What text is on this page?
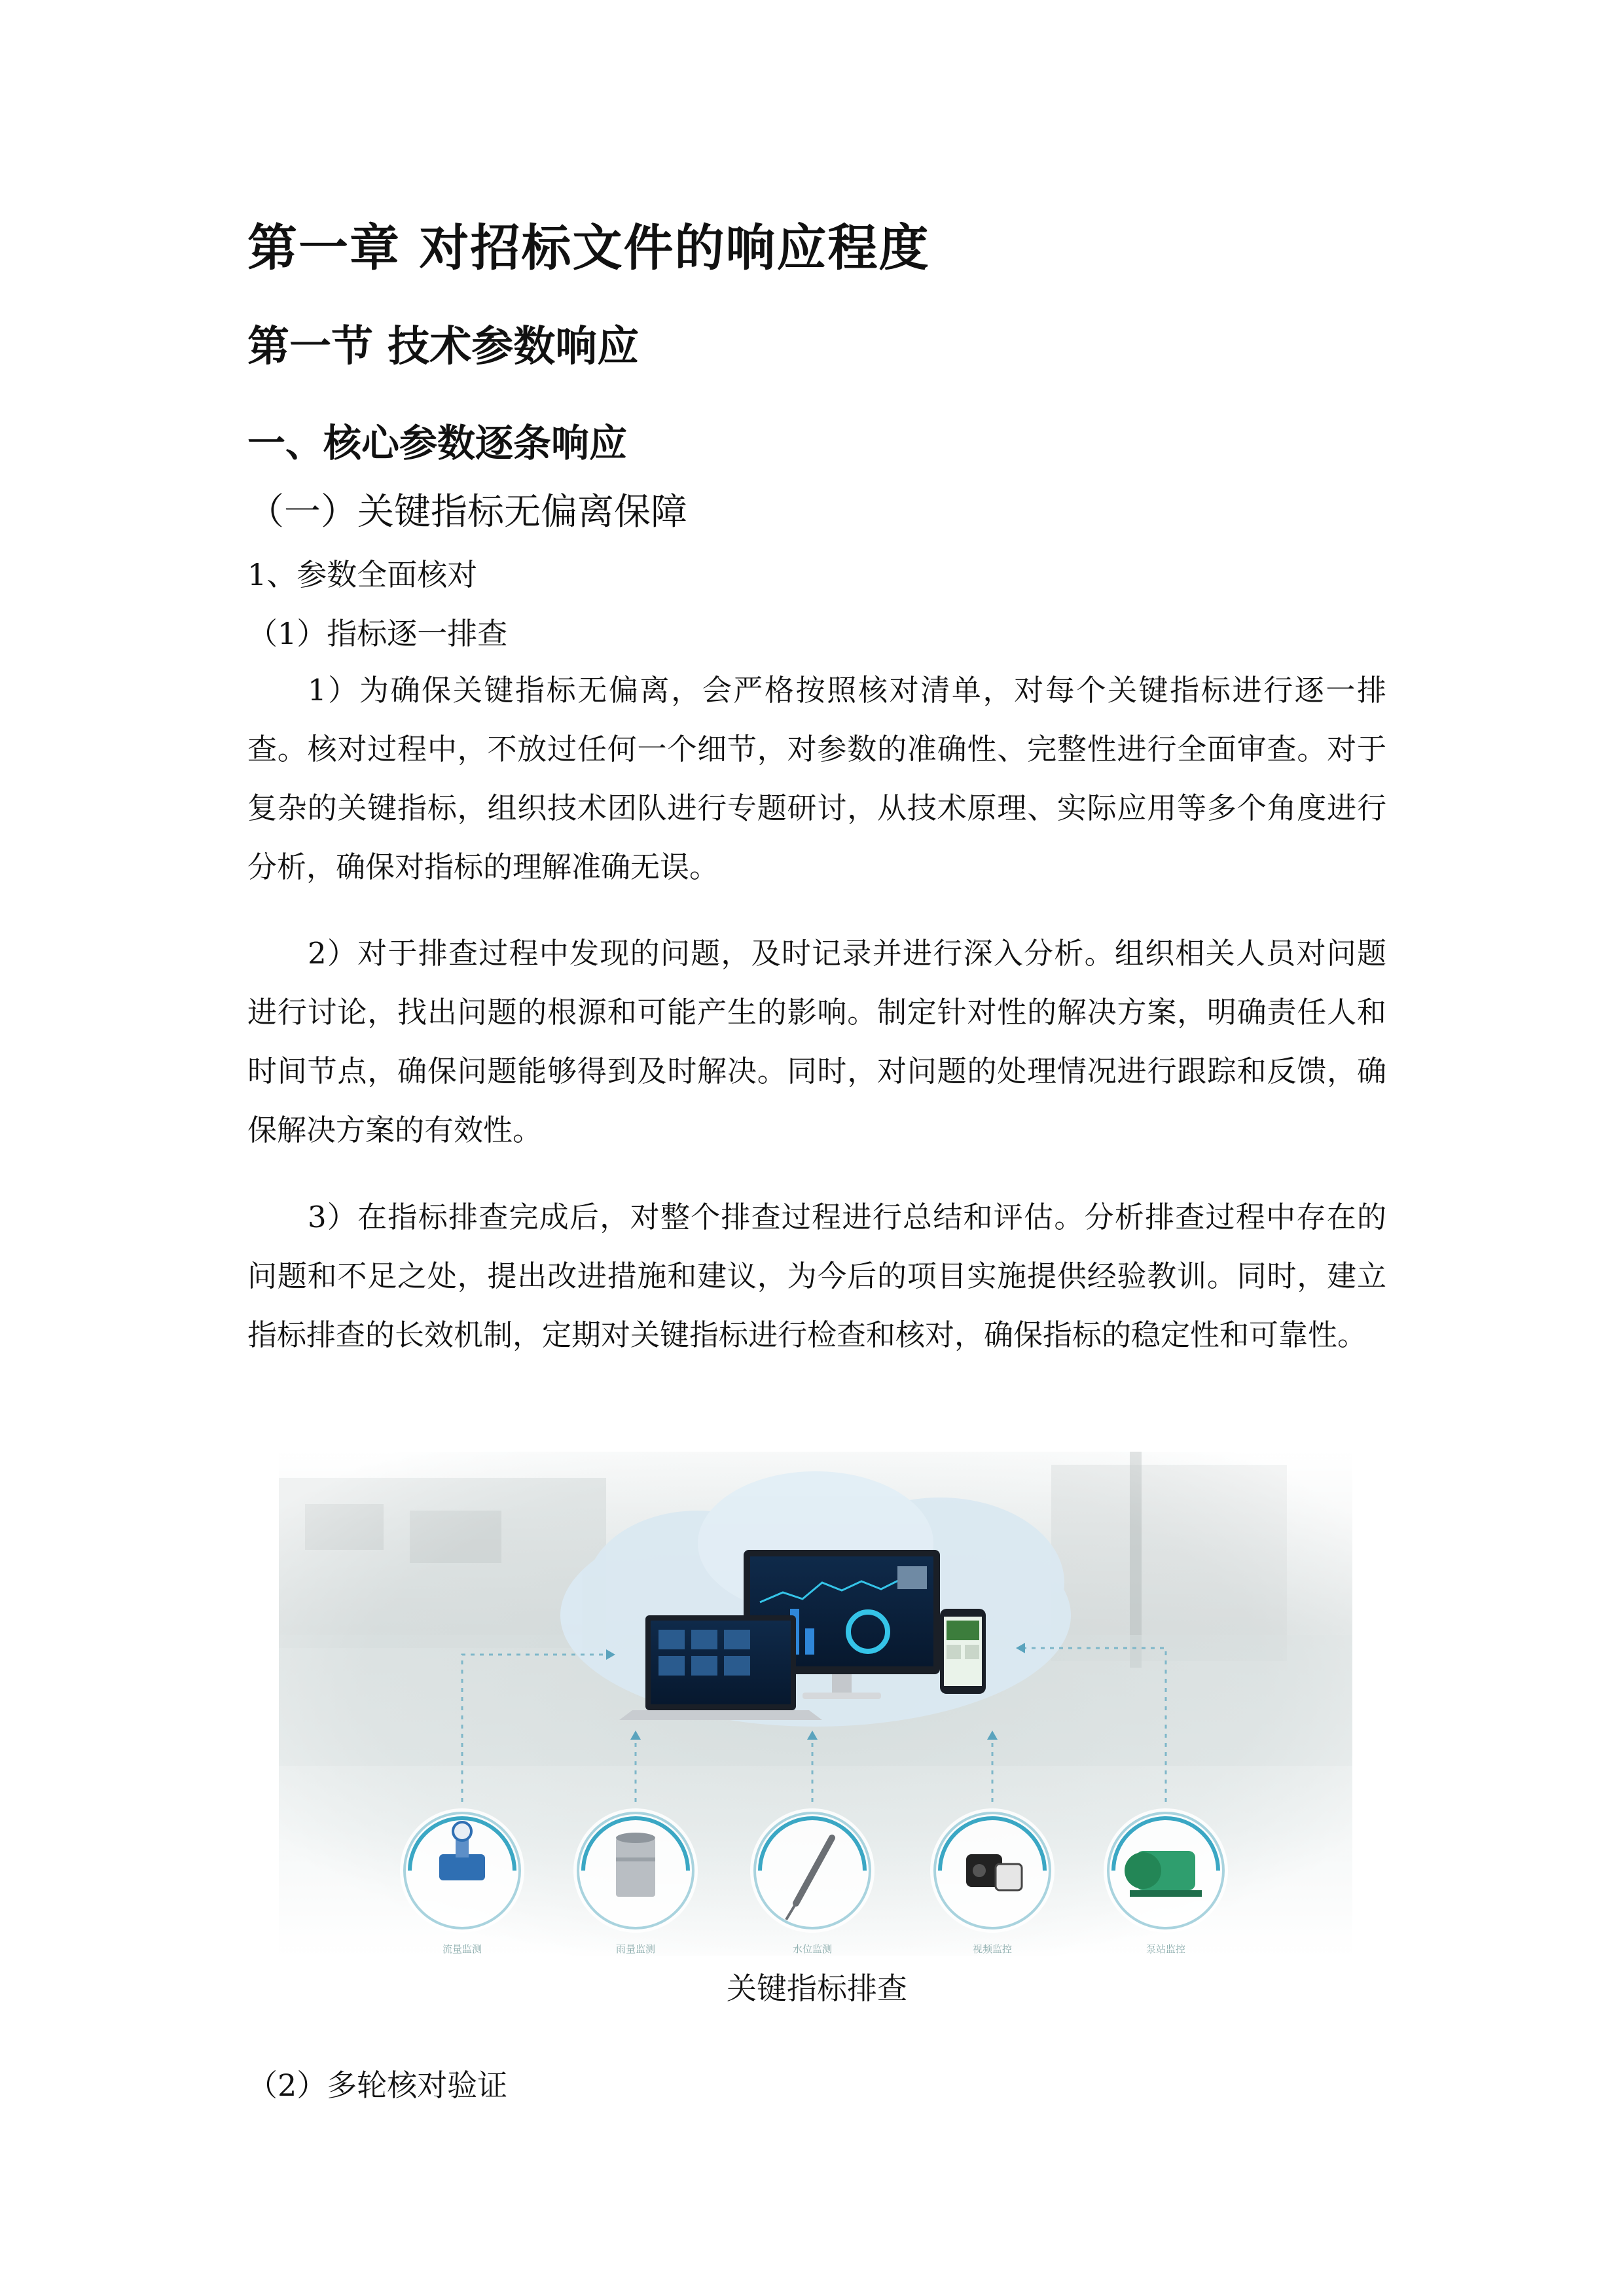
第一章 对招标文件的响应程度
第一节 技术参数响应
一、核心参数逐条响应
（一）关键指标无偏离保障
1、参数全面核对
（1）指标逐一排查
1）为确保关键指标无偏离，会严格按照核对清单，对每个关键指标进行逐一排查。核对过程中，不放过任何一个细节，对参数的准确性、完整性进行全面审查。对于复杂的关键指标，组织技术团队进行专题研讨，从技术原理、实际应用等多个角度进行分析，确保对指标的理解准确无误。
2）对于排查过程中发现的问题，及时记录并进行深入分析。组织相关人员对问题进行讨论，找出问题的根源和可能产生的影响。制定针对性的解决方案，明确责任人和时间节点，确保问题能够得到及时解决。同时，对问题的处理情况进行跟踪和反馈，确保解决方案的有效性。
3）在指标排查完成后，对整个排查过程进行总结和评估。分析排查过程中存在的问题和不足之处，提出改进措施和建议，为今后的项目实施提供经验教训。同时，建立指标排查的长效机制，定期对关键指标进行检查和核对，确保指标的稳定性和可靠性。
流量监测	雨量监测	水位监测	视频监控	泵站监控
关键指标排查
（2）多轮核对验证
